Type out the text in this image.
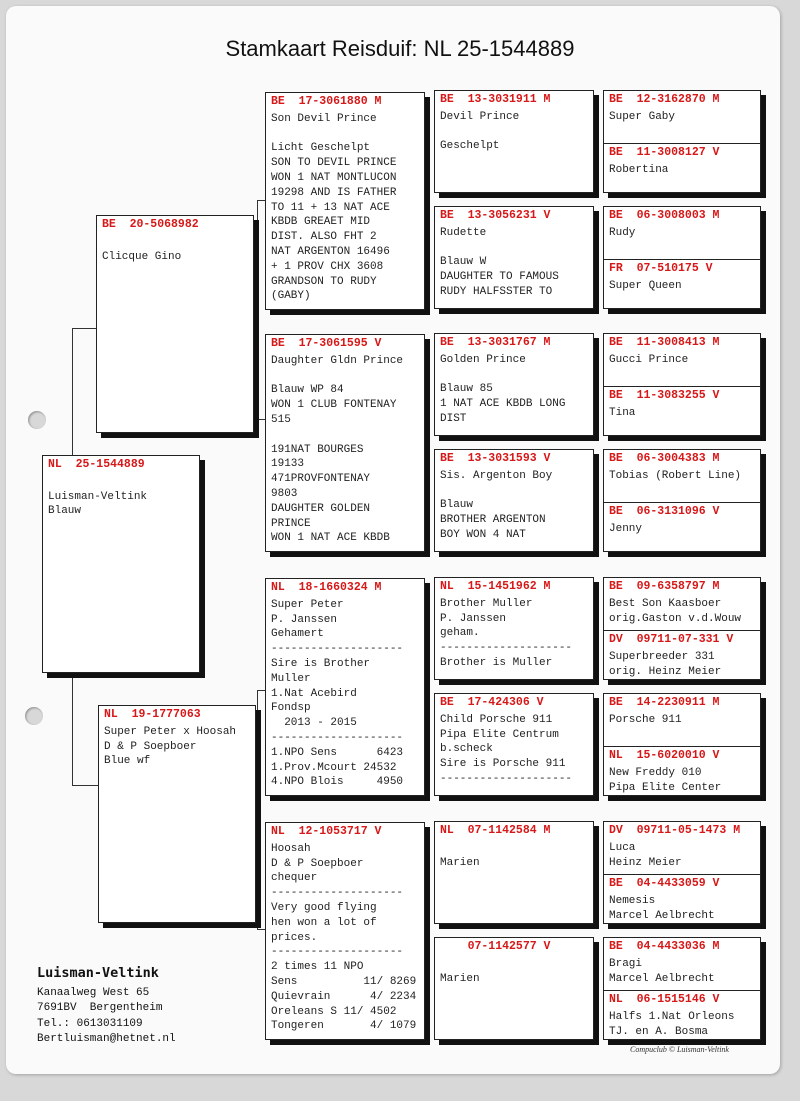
Stamkaart Reisduif: NL 25-1544889
NL  25-1544889

Luisman-Veltink
Blauw
BE  20-5068982

Clicque Gino
NL  19-1777063
Super Peter x Hoosah
D & P Soepboer
Blue wf
BE  17-3061880 M
Son Devil Prince

Licht Geschelpt
SON TO DEVIL PRINCE
WON 1 NAT MONTLUCON
19298 AND IS FATHER
TO 11 + 13 NAT ACE
KBDB GREAET MID
DIST. ALSO FHT 2
NAT ARGENTON 16496
+ 1 PROV CHX 3608
GRANDSON TO RUDY
(GABY)
BE  17-3061595 V
Daughter Gldn Prince

Blauw WP 84
WON 1 CLUB FONTENAY
515

191NAT BOURGES
19133
471PROVFONTENAY
9803
DAUGHTER GOLDEN
PRINCE
WON 1 NAT ACE KBDB
NL  18-1660324 M
Super Peter
P. Janssen
Gehamert
--------------------
Sire is Brother
Muller
1.Nat Acebird
Fondsp
2013 - 2015
--------------------
1.NPO Sens      6423
1.Prov.Mcourt 24532
4.NPO Blois     4950
NL  12-1053717 V
Hoosah
D & P Soepboer
chequer
--------------------
Very good flying
hen won a lot of
prices.
--------------------
2 times 11 NPO
Sens          11/ 8269
Quievrain      4/ 2234
Oreleans S 11/ 4502
Tongeren       4/ 1079
BE  13-3031911 M
Devil Prince

Geschelpt
BE  13-3056231 V
Rudette

Blauw W
DAUGHTER TO FAMOUS
RUDY HALFSSTER TO
BE  13-3031767 M
Golden Prince

Blauw 85
1 NAT ACE KBDB LONG
DIST
BE  13-3031593 V
Sis. Argenton Boy

Blauw
BROTHER ARGENTON
BOY WON 4 NAT
NL  15-1451962 M
Brother Muller
P. Janssen
geham.
--------------------
Brother is Muller
BE  17-424306 V
Child Porsche 911
Pipa Elite Centrum
b.scheck
Sire is Porsche 911
--------------------
NL  07-1142584 M

Marien
07-1142577 V

Marien
BE  12-3162870 M
Super Gaby
BE  11-3008127 V
Robertina
BE  06-3008003 M
Rudy
FR  07-510175 V
Super Queen
BE  11-3008413 M
Gucci Prince
BE  11-3083255 V
Tina
BE  06-3004383 M
Tobias (Robert Line)
BE  06-3131096 V
Jenny
BE  09-6358797 M
Best Son Kaasboer
orig.Gaston v.d.Wouw
DV  09711-07-331 V
Superbreeder 331
orig. Heinz Meier
BE  14-2230911 M
Porsche 911
NL  15-6020010 V
New Freddy 010
Pipa Elite Center
DV  09711-05-1473 M
Luca
Heinz Meier
BE  04-4433059 V
Nemesis
Marcel Aelbrecht
BE  04-4433036 M
Bragi
Marcel Aelbrecht
NL  06-1515146 V
Halfs 1.Nat Orleons
TJ. en A. Bosma
Luisman-Veltink
Kanaalweg West 65
7691BV  Bergentheim
Tel.: 0613031109
Bertluisman@hetnet.nl
Compuclub © Luisman-Veltink
